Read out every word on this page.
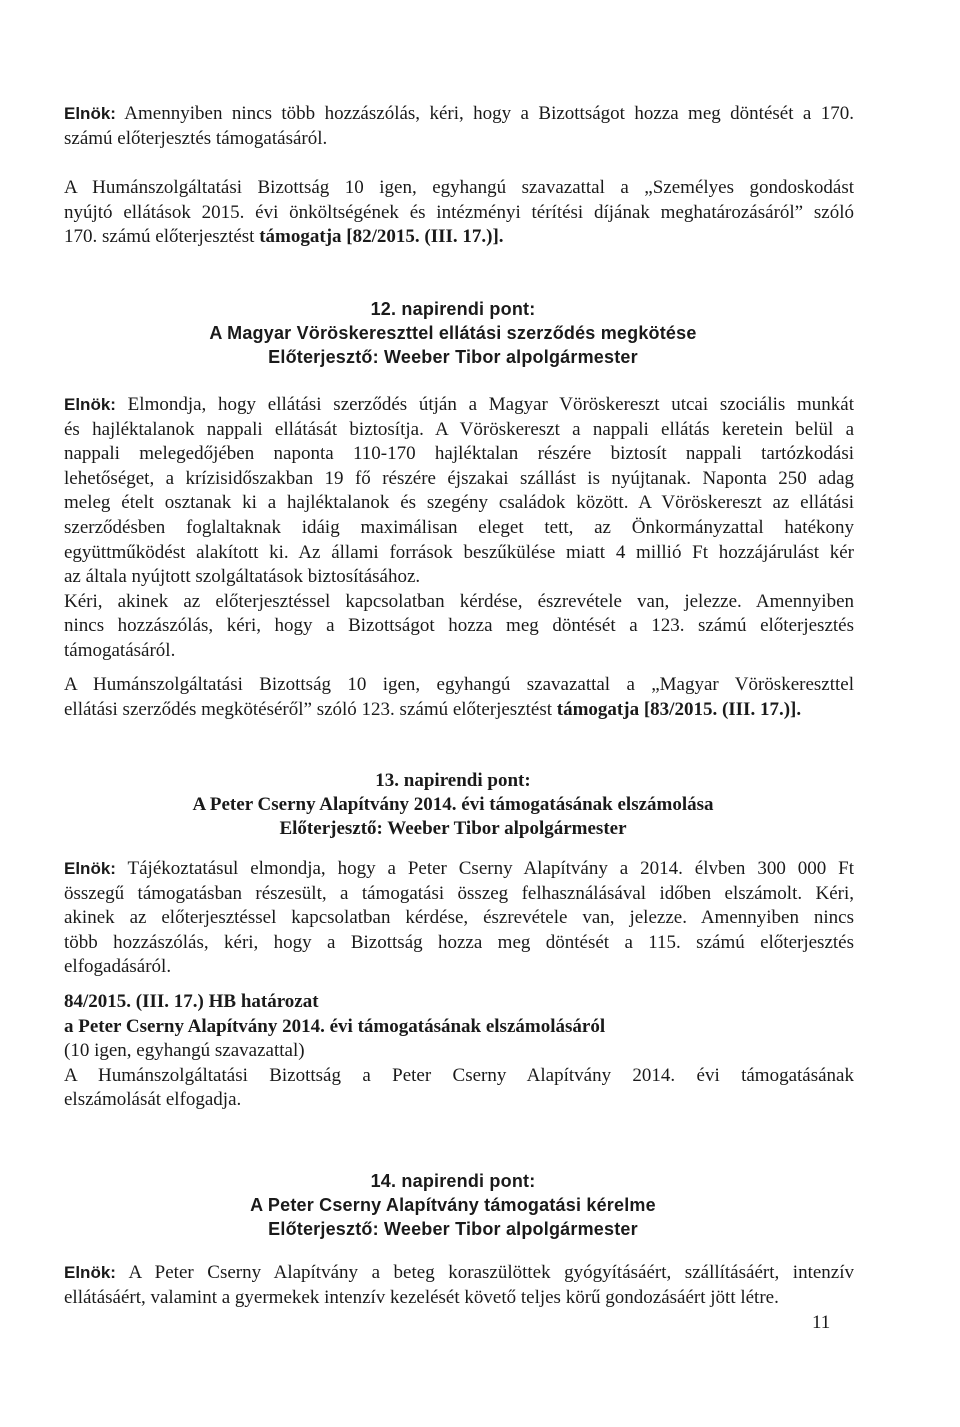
Elnök: Amennyiben nincs több hozzászólás, kéri, hogy a Bizottságot hozza meg döntését a 170.
számú előterjesztés támogatásáról.

A Humánszolgáltatási Bizottság 10 igen, egyhangú szavazattal a „Személyes gondoskodást
nyújtó ellátások 2015. évi önköltségének és intézményi térítési díjának meghatározásáról” szóló
170. számú előterjesztést támogatja [82/2015. (III. 17.)].

12. napirendi pont:
A Magyar Vöröskereszttel ellátási szerződés megkötése
Előterjesztő: Weeber Tibor alpolgármester

Elnök: Elmondja, hogy ellátási szerződés útján a Magyar Vöröskereszt utcai szociális munkát
és hajléktalanok nappali ellátását biztosítja. A Vöröskereszt a nappali ellátás keretein belül a
nappali melegedőjében naponta 110-170 hajléktalan részére biztosít nappali tartózkodási
lehetőséget, a krízisidőszakban 19 fő részére éjszakai szállást is nyújtanak. Naponta 250 adag
meleg ételt osztanak ki a hajléktalanok és szegény családok között. A Vöröskereszt az ellátási
szerződésben foglaltaknak idáig maximálisan eleget tett, az Önkormányzattal hatékony
együttműködést alakított ki. Az állami források beszűkülése miatt 4 millió Ft hozzájárulást kér
az általa nyújtott szolgáltatások biztosításához.
Kéri, akinek az előterjesztéssel kapcsolatban kérdése, észrevétele van, jelezze. Amennyiben
nincs hozzászólás, kéri, hogy a Bizottságot hozza meg döntését a 123. számú előterjesztés
támogatásáról.

A Humánszolgáltatási Bizottság 10 igen, egyhangú szavazattal a „Magyar Vöröskereszttel
ellátási szerződés megkötéséről” szóló 123. számú előterjesztést támogatja [83/2015. (III. 17.)].

13. napirendi pont:
A Peter Cserny Alapítvány 2014. évi támogatásának elszámolása
Előterjesztő: Weeber Tibor alpolgármester

Elnök: Tájékoztatásul elmondja, hogy a Peter Cserny Alapítvány a 2014. élvben 300 000 Ft
összegű támogatásban részesült, a támogatási összeg felhasználásával időben elszámolt. Kéri,
akinek az előterjesztéssel kapcsolatban kérdése, észrevétele van, jelezze. Amennyiben nincs
több hozzászólás, kéri, hogy a Bizottság hozza meg döntését a 115. számú előterjesztés
elfogadásáról.

84/2015. (III. 17.) HB határozat
a Peter Cserny Alapítvány 2014. évi támogatásának elszámolásáról
(10 igen, egyhangú szavazattal)
A Humánszolgáltatási Bizottság a Peter Cserny Alapítvány 2014. évi támogatásának
elszámolását elfogadja.

14. napirendi pont:
A Peter Cserny Alapítvány támogatási kérelme
Előterjesztő: Weeber Tibor alpolgármester

Elnök: A Peter Cserny Alapítvány a beteg koraszülöttek gyógyításáért, szállításáért, intenzív
ellátásáért, valamint a gyermekek intenzív kezelését követő teljes körű gondozásáért jött létre.

11
